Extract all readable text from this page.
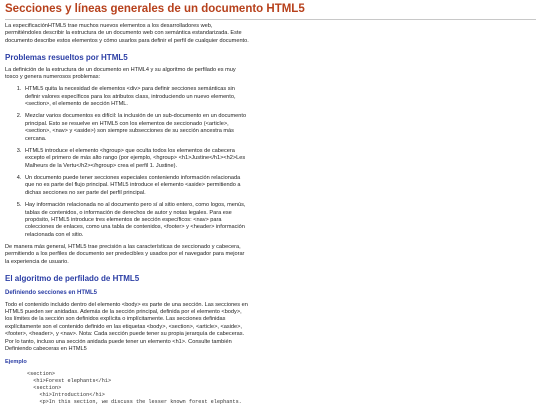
Secciones y líneas generales de un documento HTML5

La especificaciónHTML5 trae muchos nuevos elementos a los desarrolladores web, permitiéndoles describir la estructura de un documento web con semántica estandarizada. Este documento describe estos elementos y cómo usarlos para definir el perfil de cualquier documento.

Problemas resueltos por HTML5

La definición de la estructura de un documento en HTML4 y su algoritmo de perfilado es muy tosco y genera numerosos problemas:

1. HTML5 quita la necesidad de elementos <div> para definir secciones semánticas sin definir valores específicos para los atributos class, introduciendo un nuevo elemento, <section>, el elemento de sección HTML.
2. Mezclar varios documentos es difícil: la inclusión de un sub-documento en un documento principal. Esto se resuelve en HTML5 con los elementos de seccionado (<article>, <section>, <nav> y <aside>) son siempre subsecciones de su sección ancestra más cercana.
3. HTML5 introduce el elemento <hgroup> que oculta todos los elementos de cabecera excepto el primero de más alto rango (por ejemplo, <hgroup> <h1>Justine</h1><h2>Les Malheurs de la Vertu</h2></hgroup> crea el perfil 1. Justine).
4. Un documento puede tener secciones especiales conteniendo información relacionada que no es parte del flujo principal. HTML5 introduce el elemento <aside> permitiendo a dichas secciones no ser parte del perfil principal.
5. Hay información relacionada no al documento pero sí al sitio entero, como logos, menús, tablas de contenidos, o información de derechos de autor y notas legales. Para ese propósito, HTML5 introduce tres elementos de sección específicos: <nav> para colecciones de enlaces, como una tabla de contenidos, <footer> y <header> información relacionada con el sitio.

De manera más general, HTML5 trae precisión a las características de seccionado y cabecera, permitiendo a los perfiles de documento ser predecibles y usados por el navegador para mejorar la experiencia de usuario.

El algoritmo de perfilado de HTML5
Definiendo secciones en HTML5

Todo el contenido incluido dentro del elemento <body> es parte de una sección. Las secciones en HTML5 pueden ser anidadas. Además de la sección principal, definida por el elemento <body>, los límites de la sección son definidos explícita o implícitamente. Las secciones definidas explícitamente son el contenido definido en las etiquetas <body>, <section>, <article>, <aside>, <footer>, <header>, y <nav>. Nota: Cada sección puede tener su propia jerarquía de cabeceras. Por lo tanto, incluso una sección anidada puede tener un elemento <h1>. Consulte también Definiendo cabeceras en HTML5

Ejemplo
<section>
<h1>Forest elephants</h1>
<section>
<h1>Introduction</h1>
<p>In this section, we discuss the lesser known forest elephants.
